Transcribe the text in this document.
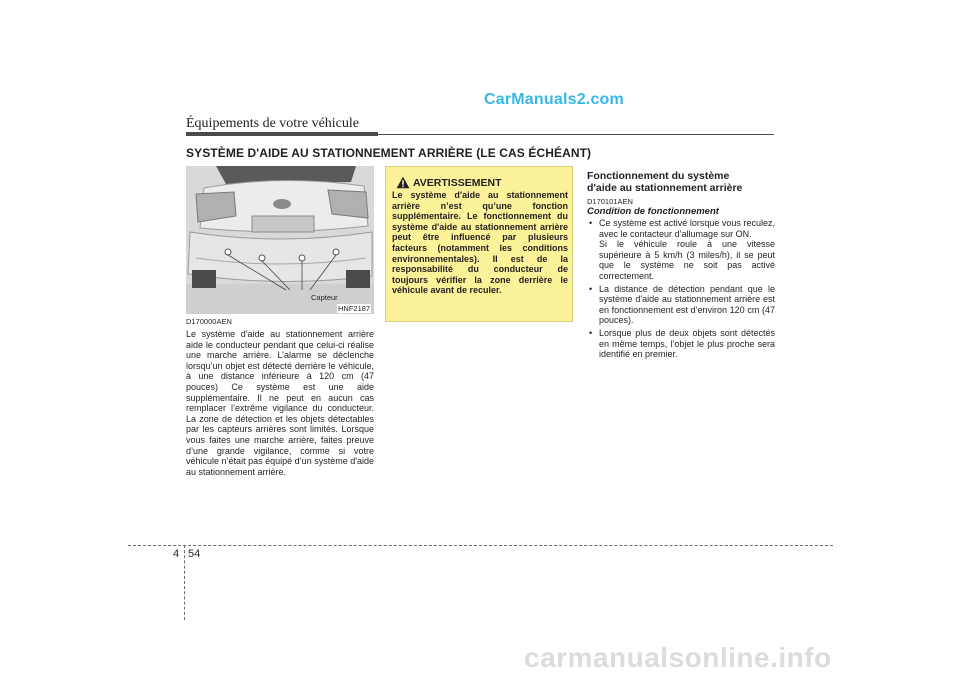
CarManuals2.com
Équipements de votre véhicule
SYSTÈME D'AIDE AU STATIONNEMENT ARRIÈRE (LE CAS ÉCHÉANT)
Capteur
HNF2187
D170000AEN
Le système d'aide au stationnement arrière aide le conducteur pendant que celui-ci réalise une marche arrière. L’alarme se déclenche lorsqu’un objet est détecté derrière le véhicule, à une distance inférieure à 120 cm (47 pouces) Ce système est une aide supplémentaire. Il ne peut en aucun cas remplacer l’extrême vigilance du conducteur. La zone de détection et les objets détectables par les capteurs arrières sont limités. Lorsque vous faites une marche arrière, faites preuve d’une grande vigilance, comme si votre véhicule n’était pas équipé d’un système d'aide au stationnement arrière.
AVERTISSEMENT
Le système d'aide au stationnement arrière n’est qu’une fonction supplémentaire. Le fonctionnement du système d'aide au stationnement arrière peut être influencé par plusieurs facteurs (notamment les conditions environnementales). Il est de la responsabilité du conducteur de toujours vérifier la zone derrière le véhicule avant de reculer.
Fonctionnement du système
d'aide au stationnement arrière
D170101AEN
Condition de fonctionnement
• Ce système est activé lorsque vous reculez, avec le contacteur d’allumage sur ON.

Si le véhicule roule à une vitesse supérieure à 5 km/h (3 miles/h), il se peut que le système ne soit pas activé correctement.

• La distance de détection pendant que le système d'aide au stationnement arrière est en fonctionnement est d’environ 120 cm (47 pouces).

• Lorsque plus de deux objets sont détectés en même temps, l’objet le plus proche sera identifié en premier.

4 54
carmanualsonline.info
